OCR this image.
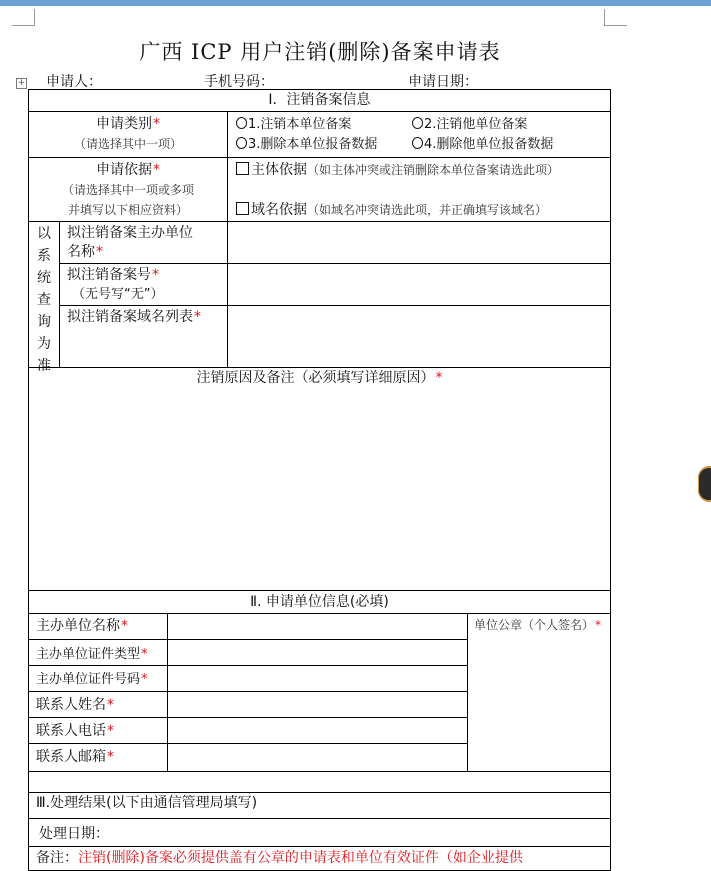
广西 ICP 用户注销(删除)备案申请表
申请人：	手机号码：	申请日期：
+
Ⅰ．注销备案信息
申请类别*
（请选择其中一项）
1.注销本单位备案	2.注销他单位备案
3.删除本单位报备数据	4.删除他单位报备数据
申请依据*
（请选择其中一项或多项
并填写以下相应资料）
主体依据（如主体冲突或注销删除本单位备案请选此项）
域名依据（如域名冲突请选此项，并正确填写该域名）
以
系
统
查
询
为
准
拟注销备案主办单位
名称*
拟注销备案号*
（无号写“无”）
拟注销备案域名列表*
注销原因及备注（必须填写详细原因）*
Ⅱ. 申请单位信息(必填)
主办单位名称*
主办单位证件类型*
主办单位证件号码*
联系人姓名*
联系人电话*
联系人邮箱*
单位公章（个人签名）*
Ⅲ.处理结果(以下由通信管理局填写)
处理日期：
备注：注销(删除)备案必须提供盖有公章的申请表和单位有效证件（如企业提供
